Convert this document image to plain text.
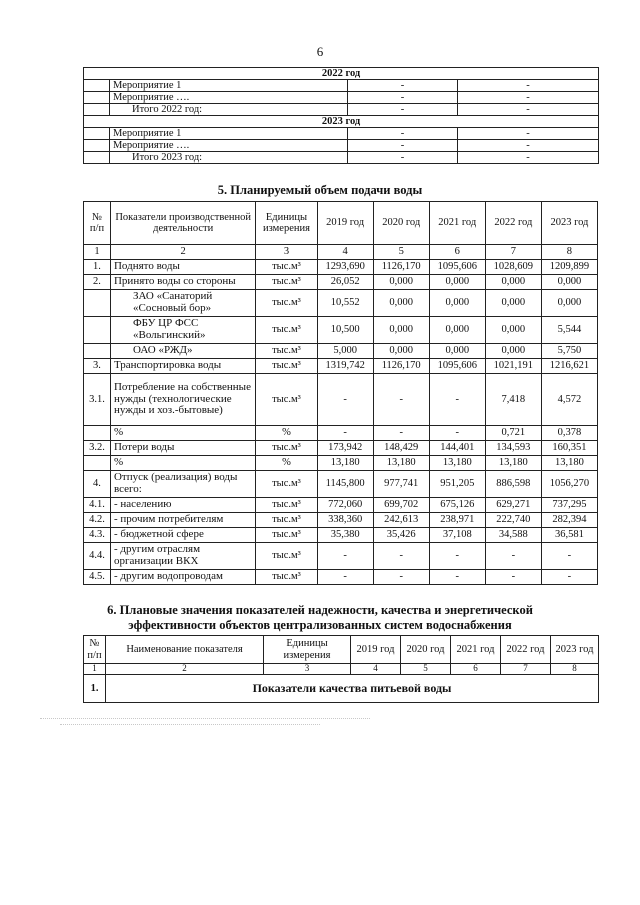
6
2022 год			
	Мероприятие 1	-	-
	Мероприятие ….	-	-
	Итого 2022 год:	-	-
2023 год			
	Мероприятие 1	-	-
	Мероприятие ….	-	-
	Итого 2023 год:	-	-
5. Планируемый объем подачи воды
№ п/п	Показатели производственной деятельности	Единицы измерения	2019 год	2020 год	2021 год	2022 год	2023 год
1	2	3	4	5	6	7	8
1.	Поднято воды	тыс.м³	1293,690	1126,170	1095,606	1028,609	1209,899
2.	Принято воды со стороны	тыс.м³	26,052	0,000	0,000	0,000	0,000
	ЗАО «Санаторий «Сосновый бор»	тыс.м³	10,552	0,000	0,000	0,000	0,000
	ФБУ ЦР ФСС «Вольгинский»	тыс.м³	10,500	0,000	0,000	0,000	5,544
	ОАО «РЖД»	тыс.м³	5,000	0,000	0,000	0,000	5,750
3.	Транспортировка воды	тыс.м³	1319,742	1126,170	1095,606	1021,191	1216,621
3.1.	Потребление на собственные нужды (технологические нужды и хоз.-бытовые)	тыс.м³	-	-	-	7,418	4,572
	%	%	-	-	-	0,721	0,378
3.2.	Потери воды	тыс.м³	173,942	148,429	144,401	134,593	160,351
	%	%	13,180	13,180	13,180	13,180	13,180
4.	Отпуск (реализация) воды всего:	тыс.м³	1145,800	977,741	951,205	886,598	1056,270
4.1.	- населению	тыс.м³	772,060	699,702	675,126	629,271	737,295
4.2.	- прочим потребителям	тыс.м³	338,360	242,613	238,971	222,740	282,394
4.3.	- бюджетной сфере	тыс.м³	35,380	35,426	37,108	34,588	36,581
4.4.	- другим отраслям организации ВКХ	тыс.м³	-	-	-	-	-
4.5.	- другим водопроводам	тыс.м³	-	-	-	-	-
6. Плановые значения показателей надежности, качества и энергетической
эффективности объектов централизованных систем водоснабжения
№ п/п	Наименование показателя	Единицы измерения	2019 год	2020 год	2021 год	2022 год	2023 год
1	2	3	4	5	6	7	8
1.	Показатели качества питьевой воды						
